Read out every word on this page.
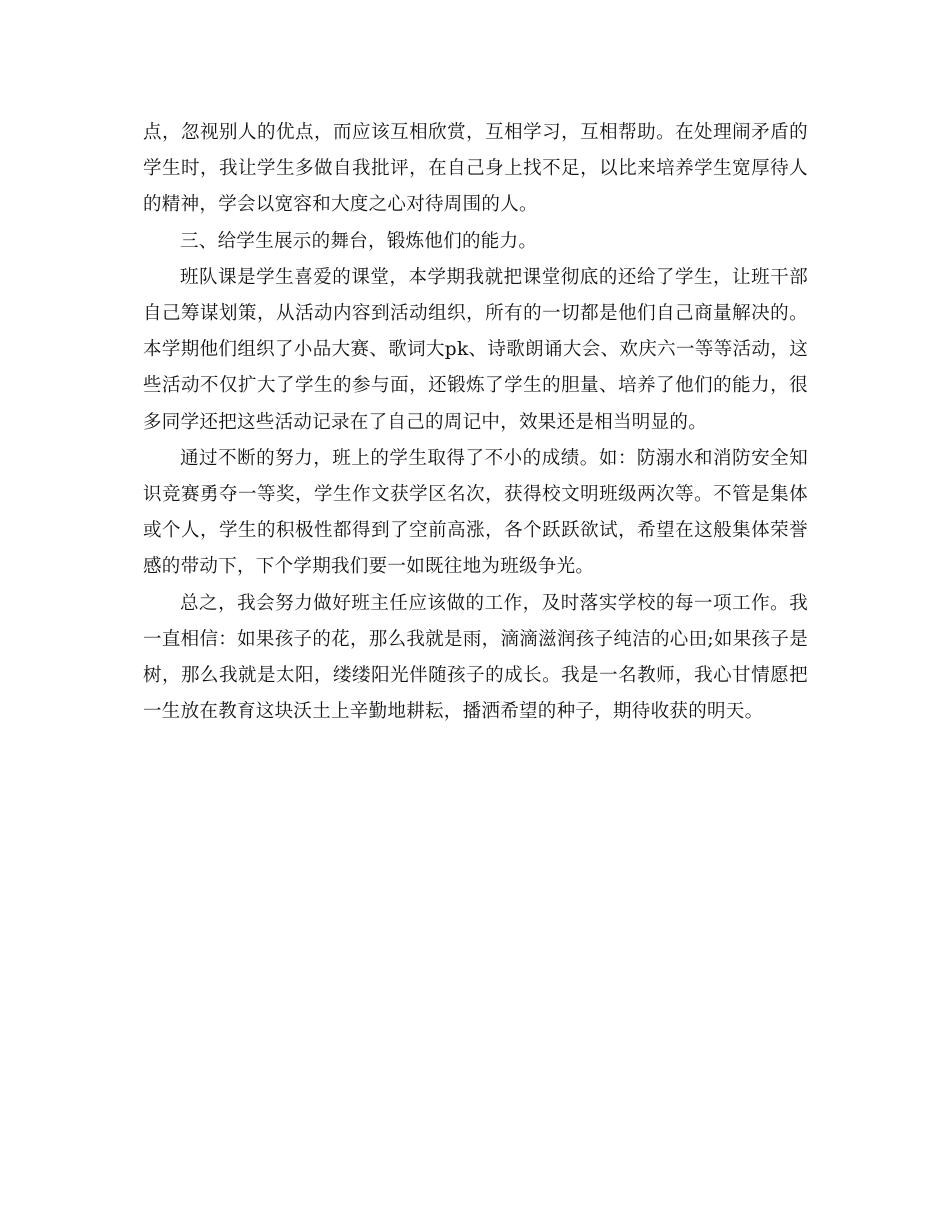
点，忽视别人的优点，而应该互相欣赏，互相学习，互相帮助。在处理闹矛盾的学生时，我让学生多做自我批评，在自己身上找不足，以比来培养学生宽厚待人的精神，学会以宽容和大度之心对待周围的人。

三、给学生展示的舞台，锻炼他们的能力。

班队课是学生喜爱的课堂，本学期我就把课堂彻底的还给了学生，让班干部自己筹谋划策，从活动内容到活动组织，所有的一切都是他们自己商量解决的。本学期他们组织了小品大赛、歌词大pk、诗歌朗诵大会、欢庆六一等等活动，这些活动不仅扩大了学生的参与面，还锻炼了学生的胆量、培养了他们的能力，很多同学还把这些活动记录在了自己的周记中，效果还是相当明显的。

通过不断的努力，班上的学生取得了不小的成绩。如：防溺水和消防安全知识竞赛勇夺一等奖，学生作文获学区名次，获得校文明班级两次等。不管是集体或个人，学生的积极性都得到了空前高涨，各个跃跃欲试，希望在这般集体荣誉感的带动下，下个学期我们要一如既往地为班级争光。

总之，我会努力做好班主任应该做的工作，及时落实学校的每一项工作。我一直相信：如果孩子的花，那么我就是雨，滴滴滋润孩子纯洁的心田;如果孩子是树，那么我就是太阳，缕缕阳光伴随孩子的成长。我是一名教师，我心甘情愿把一生放在教育这块沃土上辛勤地耕耘，播洒希望的种子，期待收获的明天。
